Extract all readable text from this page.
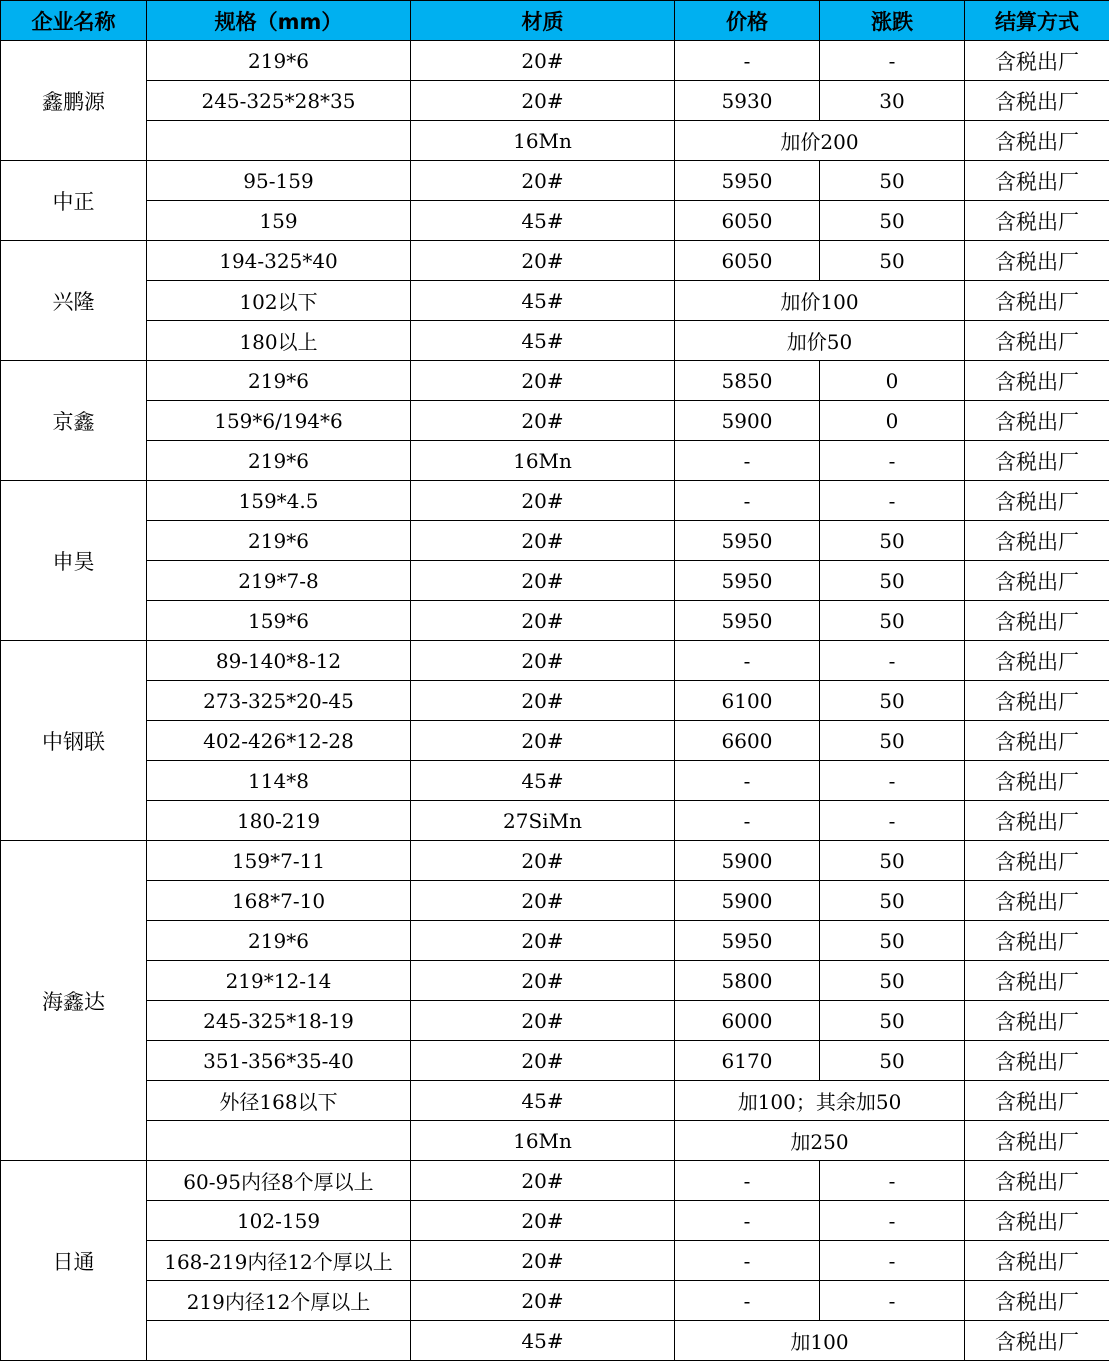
企业名称	规格（mm）	材质	价格	涨跌	结算方式
鑫鹏源	219*6	20#	-	-	含税出厂
	245-325*28*35	20#	5930	30	含税出厂
		16Mn	加价200		含税出厂
中正	95-159	20#	5950	50	含税出厂
	159	45#	6050	50	含税出厂
兴隆	194-325*40	20#	6050	50	含税出厂
	102以下	45#	加价100		含税出厂
	180以上	45#	加价50		含税出厂
京鑫	219*6	20#	5850	0	含税出厂
	159*6/194*6	20#	5900	0	含税出厂
	219*6	16Mn	-	-	含税出厂
申昊	159*4.5	20#	-	-	含税出厂
	219*6	20#	5950	50	含税出厂
	219*7-8	20#	5950	50	含税出厂
	159*6	20#	5950	50	含税出厂
中钢联	89-140*8-12	20#	-	-	含税出厂
	273-325*20-45	20#	6100	50	含税出厂
	402-426*12-28	20#	6600	50	含税出厂
	114*8	45#	-	-	含税出厂
	180-219	27SiMn	-	-	含税出厂
海鑫达	159*7-11	20#	5900	50	含税出厂
	168*7-10	20#	5900	50	含税出厂
	219*6	20#	5950	50	含税出厂
	219*12-14	20#	5800	50	含税出厂
	245-325*18-19	20#	6000	50	含税出厂
	351-356*35-40	20#	6170	50	含税出厂
	外径168以下	45#	加100；其余加50		含税出厂
		16Mn	加250		含税出厂
日通	60-95内径8个厚以上	20#	-	-	含税出厂
	102-159	20#	-	-	含税出厂
	168-219内径12个厚以上	20#	-	-	含税出厂
	219内径12个厚以上	20#	-	-	含税出厂
		45#	加100		含税出厂
